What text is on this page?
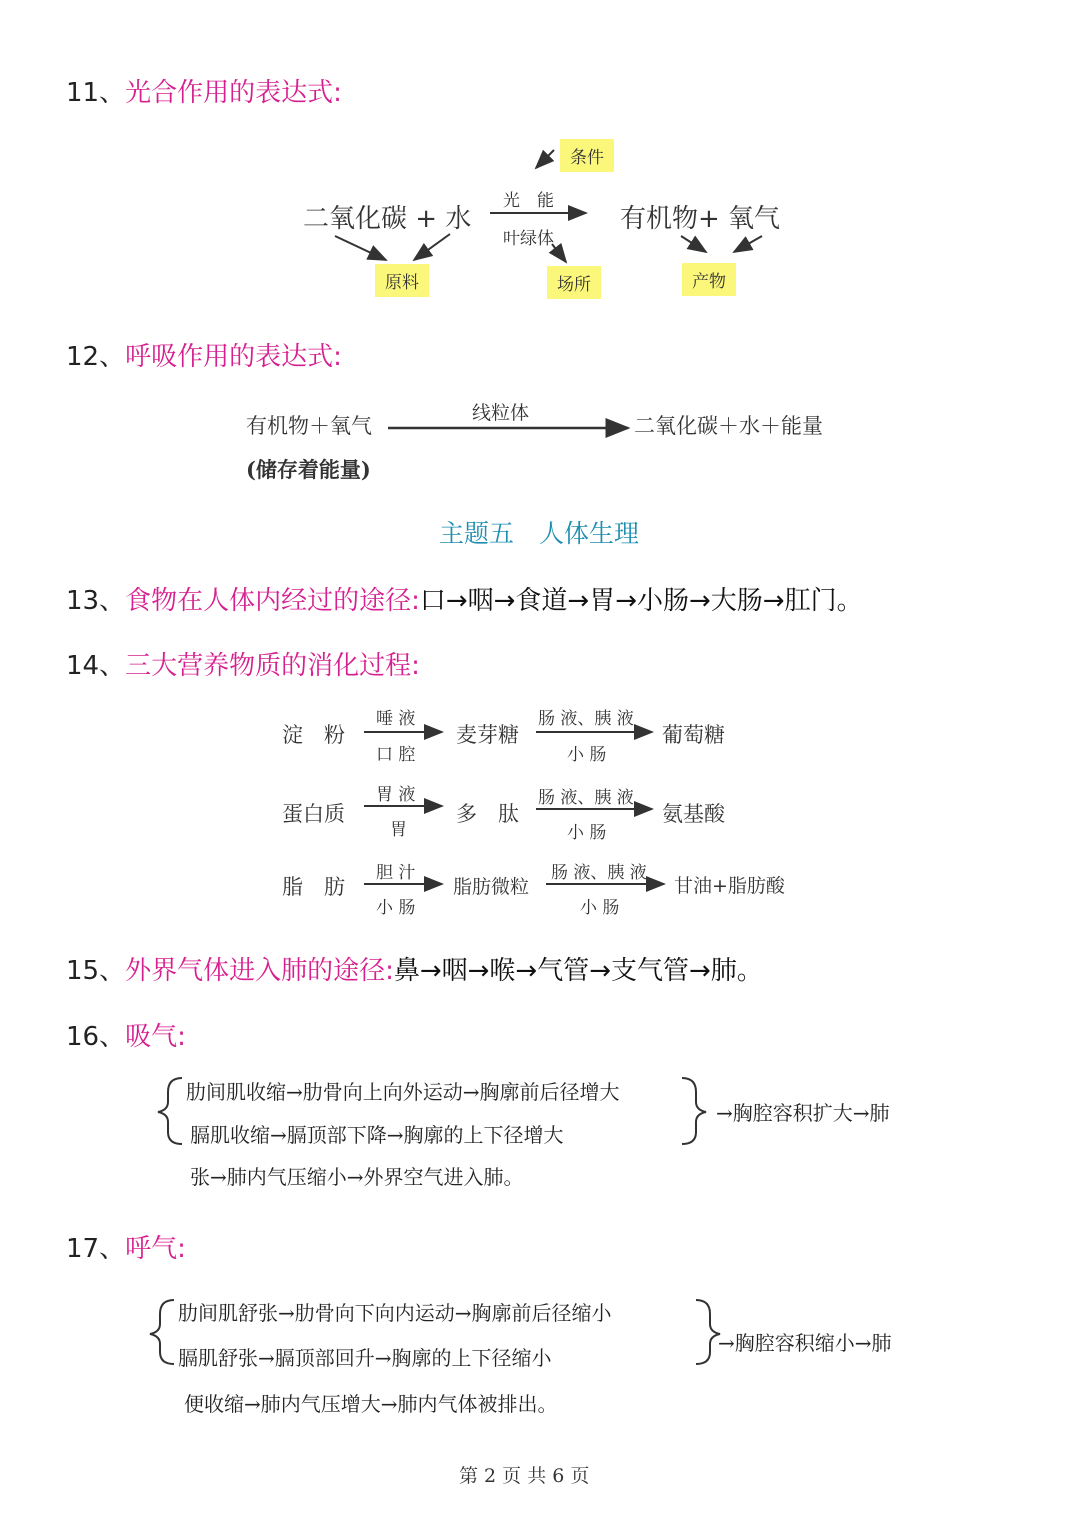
11、光合作用的表达式:
条件
二氧化碳 + 水
光　能
叶绿体
有机物+ 氧气
原料	场所	产物
12、呼吸作用的表达式:
有机物＋氧气
线粒体
二氧化碳＋水＋能量
(储存着能量)
主题五　人体生理
13、食物在人体内经过的途径:口→咽→食道→胃→小肠→大肠→肛门。
14、三大营养物质的消化过程:
淀　粉
唾 液
口 腔
麦芽糖
肠 液、胰 液
小 肠
葡萄糖
蛋白质
胃 液
胃
多　肽
肠 液、胰 液
小 肠
氨基酸
脂　肪
胆 汁
小 肠
脂肪微粒
肠 液、胰 液
小 肠
甘油+脂肪酸
15、外界气体进入肺的途径:鼻→咽→喉→气管→支气管→肺。
16、吸气:
肋间肌收缩→肋骨向上向外运动→胸廓前后径增大
膈肌收缩→膈顶部下降→胸廓的上下径增大
→胸腔容积扩大→肺
张→肺内气压缩小→外界空气进入肺。
17、呼气:
肋间肌舒张→肋骨向下向内运动→胸廓前后径缩小
膈肌舒张→膈顶部回升→胸廓的上下径缩小
→胸腔容积缩小→肺
便收缩→肺内气压增大→肺内气体被排出。
第 2 页 共 6 页
